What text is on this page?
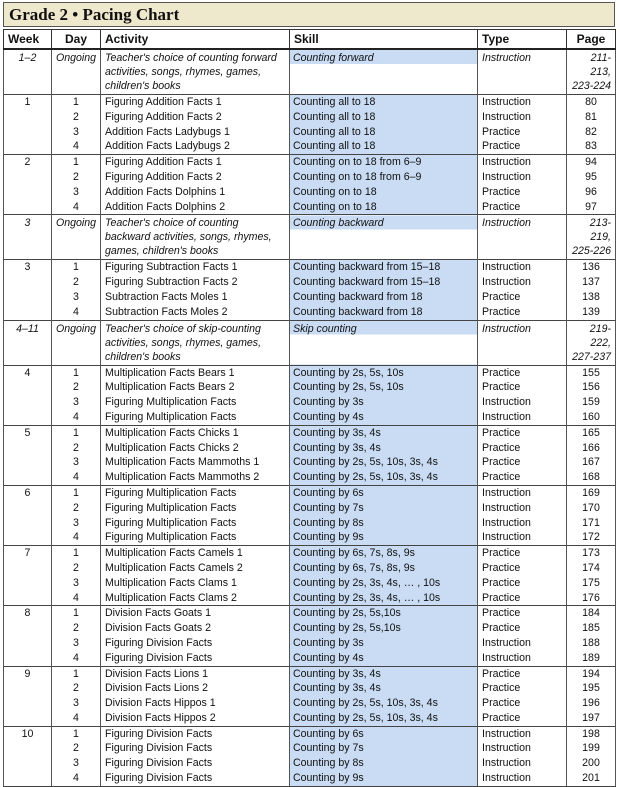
Grade 2 • Pacing Chart
Week	Day	Activity	Skill	Type	Page
1–2	Ongoing	Teacher's choice of counting forward activities, songs, rhymes, games, children's books	Counting forward	Instruction	211-213, 223-224
1	1	Figuring Addition Facts 1	Counting all to 18	Instruction	80
	2	Figuring Addition Facts 2	Counting all to 18	Instruction	81
	3	Addition Facts Ladybugs 1	Counting all to 18	Practice	82
	4	Addition Facts Ladybugs 2	Counting all to 18	Practice	83
2	1	Figuring Addition Facts 1	Counting on to 18 from 6–9	Instruction	94
	2	Figuring Addition Facts 2	Counting on to 18 from 6–9	Instruction	95
	3	Addition Facts Dolphins 1	Counting on to 18	Practice	96
	4	Addition Facts Dolphins 2	Counting on to 18	Practice	97
3	Ongoing	Teacher's choice of counting backward activities, songs, rhymes, games, children's books	Counting backward	Instruction	213-219, 225-226
3	1	Figuring Subtraction Facts 1	Counting backward from 15–18	Instruction	136
	2	Figuring Subtraction Facts 2	Counting backward from 15–18	Instruction	137
	3	Subtraction Facts Moles 1	Counting backward from 18	Practice	138
	4	Subtraction Facts Moles 2	Counting backward from 18	Practice	139
4–11	Ongoing	Teacher's choice of skip-counting activities, songs, rhymes, games, children's books	Skip counting	Instruction	219-222, 227-237
4	1	Multiplication Facts Bears 1	Counting by 2s, 5s, 10s	Practice	155
	2	Multiplication Facts Bears 2	Counting by 2s, 5s, 10s	Practice	156
	3	Figuring Multiplication Facts	Counting by 3s	Instruction	159
	4	Figuring Multiplication Facts	Counting by 4s	Instruction	160
5	1	Multiplication Facts Chicks 1	Counting by 3s, 4s	Practice	165
	2	Multiplication Facts Chicks 2	Counting by 3s, 4s	Practice	166
	3	Multiplication Facts Mammoths 1	Counting by 2s, 5s, 10s, 3s, 4s	Practice	167
	4	Multiplication Facts Mammoths 2	Counting by 2s, 5s, 10s, 3s, 4s	Practice	168
6	1	Figuring Multiplication Facts	Counting by 6s	Instruction	169
	2	Figuring Multiplication Facts	Counting by 7s	Instruction	170
	3	Figuring Multiplication Facts	Counting by 8s	Instruction	171
	4	Figuring Multiplication Facts	Counting by 9s	Instruction	172
7	1	Multiplication Facts Camels 1	Counting by 6s, 7s, 8s, 9s	Practice	173
	2	Multiplication Facts Camels 2	Counting by 6s, 7s, 8s, 9s	Practice	174
	3	Multiplication Facts Clams 1	Counting by 2s, 3s, 4s, … , 10s	Practice	175
	4	Multiplication Facts Clams 2	Counting by 2s, 3s, 4s, … , 10s	Practice	176
8	1	Division Facts Goats 1	Counting by 2s, 5s,10s	Practice	184
	2	Division Facts Goats 2	Counting by 2s, 5s,10s	Practice	185
	3	Figuring Division Facts	Counting by 3s	Instruction	188
	4	Figuring Division Facts	Counting by 4s	Instruction	189
9	1	Division Facts Lions 1	Counting by 3s, 4s	Practice	194
	2	Division Facts Lions 2	Counting by 3s, 4s	Practice	195
	3	Division Facts Hippos 1	Counting by 2s, 5s, 10s, 3s, 4s	Practice	196
	4	Division Facts Hippos 2	Counting by 2s, 5s, 10s, 3s, 4s	Practice	197
10	1	Figuring Division Facts	Counting by 6s	Instruction	198
	2	Figuring Division Facts	Counting by 7s	Instruction	199
	3	Figuring Division Facts	Counting by 8s	Instruction	200
	4	Figuring Division Facts	Counting by 9s	Instruction	201
